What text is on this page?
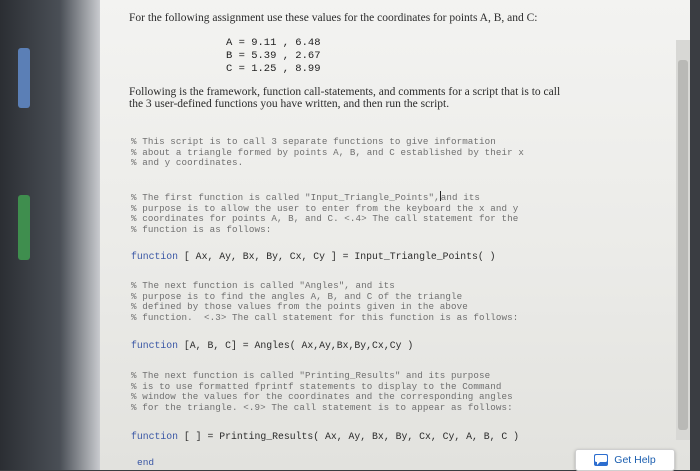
For the following assignment use these values for the coordinates for points A, B, and C:
A = 9.11 , 6.48
B = 5.39 , 2.67
C = 1.25 , 8.99
Following is the framework, function call-statements, and comments for a script that is to call the 3 user-defined functions you have written, and then run the script.
% This script is to call 3 separate functions to give information
% about a triangle formed by points A, B, and C established by their x
% and y coordinates.
% The first function is called "Input_Triangle_Points",and its
% purpose is to allow the user to enter from the keyboard the x and y
% coordinates for points A, B, and C. <.4> The call statement for the
% function is as follows:
function [ Ax, Ay, Bx, By, Cx, Cy ] = Input_Triangle_Points( )
% The next function is called "Angles", and its
% purpose is to find the angles A, B, and C of the triangle
% defined by those values from the points given in the above
% function.  <.3> The call statement for this function is as follows:
function [A, B, C] = Angles( Ax,Ay,Bx,By,Cx,Cy )
% The next function is called "Printing_Results" and its purpose
% is to use formatted fprintf statements to display to the Command
% window the values for the coordinates and the corresponding angles
% for the triangle. <.9> The call statement is to appear as follows:
function [ ] = Printing_Results( Ax, Ay, Bx, By, Cx, Cy, A, B, C )
end	Get Help
